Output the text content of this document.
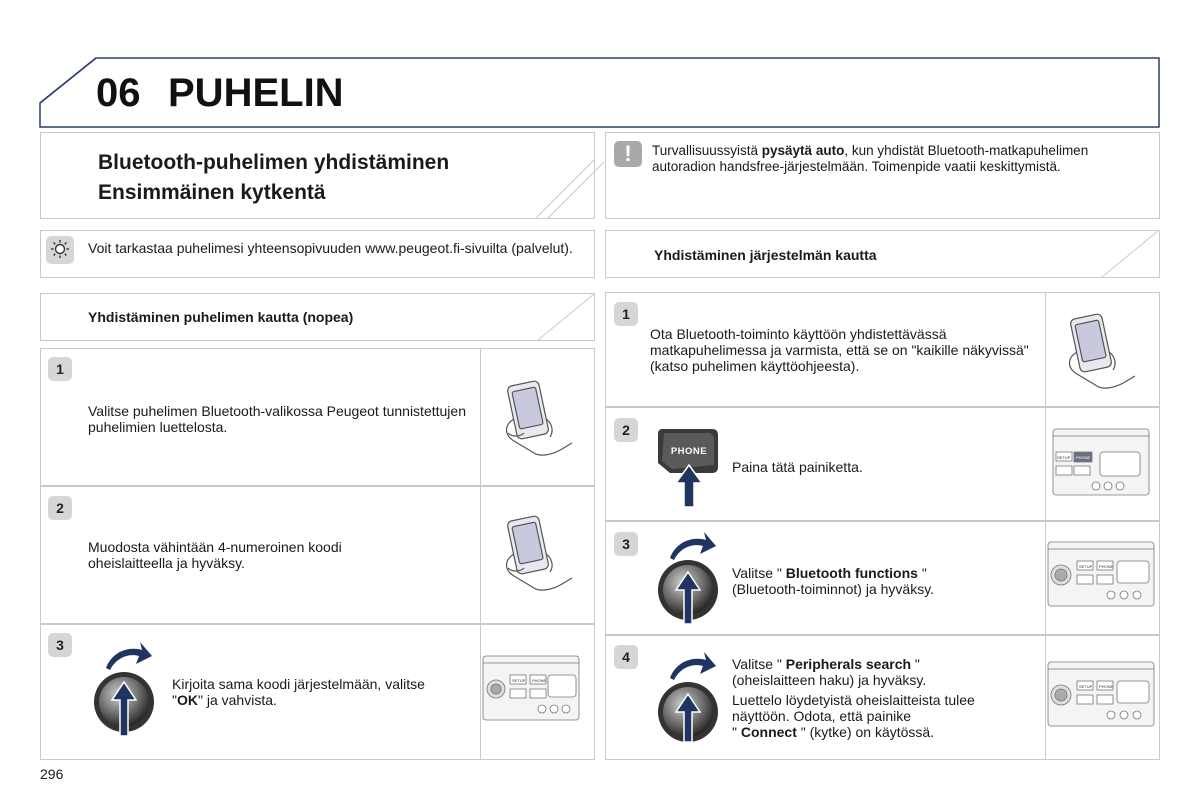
06 PUHELIN
Bluetooth-puhelimen yhdistäminen
Ensimmäinen kytkentä
!	Turvallisuussyistä pysäytä auto, kun yhdistät Bluetooth-matkapuhelimen autoradion handsfree-järjestelmään. Toimenpide vaatii keskittymistä.
Voit tarkastaa puhelimesi yhteensopivuuden www.peugeot.fi-sivuilta (palvelut).	Yhdistäminen järjestelmän kautta
Yhdistäminen puhelimen kautta (nopea)
1
Valitse puhelimen Bluetooth-valikossa Peugeot tunnistettujen puhelimien luettelosta.
2
Muodosta vähintään 4-numeroinen koodi oheislaitteella ja hyväksy.
3
Kirjoita sama koodi järjestelmään, valitse "OK" ja vahvista.
SETUP PHONE
1
Ota Bluetooth-toiminto käyttöön yhdistettävässä matkapuhelimessa ja varmista, että se on "kaikille näkyvissä" (katso puhelimen käyttöohjeesta).
2
PHONE
Paina tätä painiketta.
SETUP PHONE
3
Valitse " Bluetooth functions "
(Bluetooth-toiminnot) ja hyväksy.
SETUP PHONE
4	Valitse " Peripherals search "
(oheislaitteen haku) ja hyväksy.
Luettelo löydetyistä oheislaitteista tulee näyttöön. Odota, että painike
" Connect " (kytke) on käytössä.
SETUP PHONE
296
